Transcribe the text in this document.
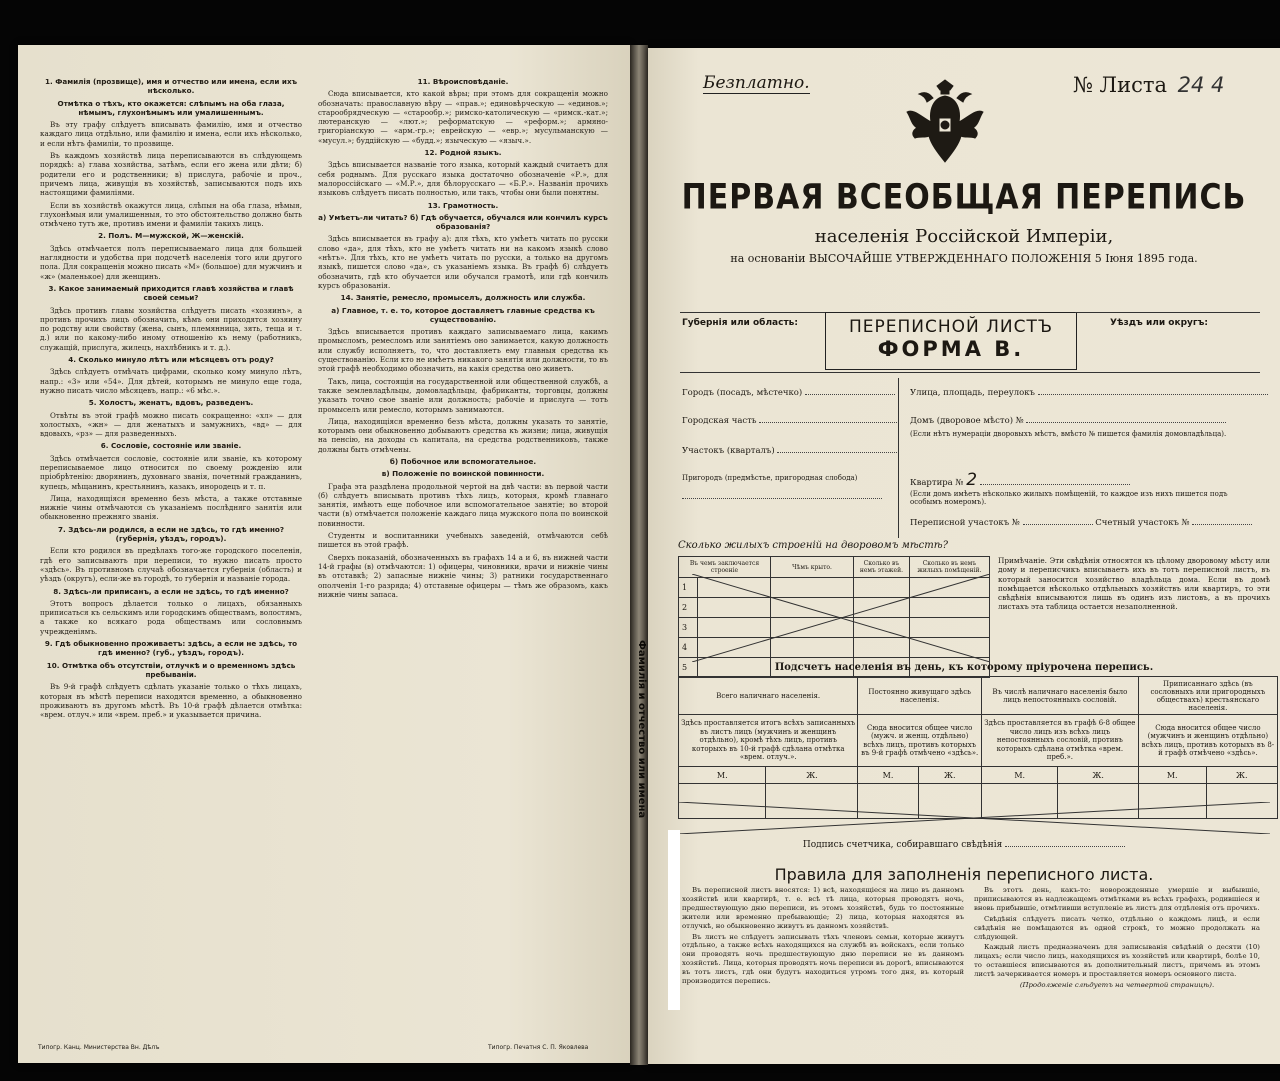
1. Фамилія (прозвище), имя и отчество или имена, если ихъ нѣсколько.

Отмѣтка о тѣхъ, кто окажется: слѣпымъ на оба глаза, нѣмымъ, глухонѣмымъ или умалишеннымъ.

Въ эту графу слѣдуетъ вписывать фамилію, имя и отчество каждаго лица отдѣльно, или фамилію и имена, если ихъ нѣсколько, и если нѣтъ фамиліи, то прозвище.

Въ каждомъ хозяйствѣ лица переписываются въ слѣдующемъ порядкѣ: а) глава хозяйства, затѣмъ, если его жена или дѣти; б) родители его и родственники; в) прислуга, рабочіе и проч., причемъ лица, живущія въ хозяйствѣ, записываются подъ ихъ настоящими фамиліями.

Если въ хозяйствѣ окажутся лица, слѣпыя на оба глаза, нѣмыя, глухонѣмыя или умалишенныя, то это обстоятельство должно быть отмѣчено тутъ же, противъ имени и фамиліи такихъ лицъ.

2. Полъ. М—мужской, Ж—женскій.

Здѣсь отмѣчается полъ переписываемаго лица для большей наглядности и удобства при подсчетѣ населенія того или другого пола. Для сокращенія можно писать «М» (большое) для мужчинъ и «ж» (маленькое) для женщинъ.

3. Какое занимаемый приходится главѣ хозяйства и главѣ своей семьи?

Здѣсь противъ главы хозяйства слѣдуетъ писать «хозяинъ», а противъ прочихъ лицъ обозначить, кѣмъ они приходятся хозяину по родству или свойству (жена, сынъ, племянница, зять, теща и т. д.) или по какому-либо иному отношенію къ нему (работникъ, служащій, прислуга, жилецъ, нахлѣбникъ и т. д.).

4. Сколько минуло лѣтъ или мѣсяцевъ отъ роду?

Здѣсь слѣдуетъ отмѣчать цифрами, сколько кому минуло лѣтъ, напр.: «3» или «54». Для дѣтей, которымъ не минуло еще года, нужно писать число мѣсяцевъ, напр.: «6 мѣс.».

5. Холостъ, женатъ, вдовъ, разведенъ.

Отвѣты въ этой графѣ можно писать сокращенно: «хл» — для холостыхъ, «жн» — для женатыхъ и замужнихъ, «вд» — для вдовыхъ, «рз» — для разведенныхъ.

6. Сословіе, состояніе или званіе.

Здѣсь отмѣчается сословіе, состояніе или званіе, къ которому переписываемое лицо относится по своему рожденію или пріобрѣтенію: дворянинъ, духовнаго званія, почетный гражданинъ, купецъ, мѣщанинъ, крестьянинъ, казакъ, инородецъ и т. п.

Лица, находящіяся временно безъ мѣста, а также отставные нижніе чины отмѣчаются съ указаніемъ послѣдняго занятія или обыкновенно прежняго званія.

7. Здѣсь-ли родился, а если не здѣсь, то гдѣ именно? (губернія, уѣздъ, городъ).

Если кто родился въ предѣлахъ того-же городского поселенія, гдѣ его записываютъ при переписи, то нужно писать просто «здѣсь». Въ противномъ случаѣ обозначается губернія (область) и уѣздъ (округъ), если-же въ городѣ, то губернія и названіе города.

8. Здѣсь-ли приписанъ, а если не здѣсь, то гдѣ именно?

Этотъ вопросъ дѣлается только о лицахъ, обязанныхъ приписаться къ сельскимъ или городскимъ обществамъ, волостямъ, а также ко всякаго рода обществамъ или сословнымъ учрежденіямъ.

9. Гдѣ обыкновенно проживаетъ: здѣсь, а если не здѣсь, то гдѣ именно? (губ., уѣздъ, городъ).

10. Отмѣтка объ отсутствіи, отлучкѣ и о временномъ здѣсь пребываніи.

Въ 9-й графѣ слѣдуетъ сдѣлать указаніе только о тѣхъ лицахъ, которыя въ мѣстѣ переписи находятся временно, а обыкновенно проживаютъ въ другомъ мѣстѣ. Въ 10-й графѣ дѣлается отмѣтка: «врем. отлуч.» или «врем. преб.» и указывается причина.

11. Вѣроисповѣданіе.

Сюда вписывается, кто какой вѣры; при этомъ для сокращенія можно обозначать: православную вѣру — «прав.»; единовѣрческую — «единов.»; старообрядческую — «старообр.»; римско-католическую — «римск.-кат.»; лютеранскую — «лют.»; реформатскую — «реформ.»; армяно-григоріанскую — «арм.-гр.»; еврейскую — «евр.»; мусульманскую — «мусул.»; буддійскую — «будд.»; языческую — «языч.».

12. Родной языкъ.

Здѣсь вписывается названіе того языка, который каждый считаетъ для себя роднымъ. Для русскаго языка достаточно обозначеніе «Р.», для малороссійскаго — «М.Р.», для бѣлорусскаго — «Б.Р.». Названія прочихъ языковъ слѣдуетъ писать полностью, или такъ, чтобы они были понятны.

13. Грамотность.

а) Умѣетъ-ли читать? б) Гдѣ обучается, обучался или кончилъ курсъ образованія?

Здѣсь вписывается въ графу а): для тѣхъ, кто умѣетъ читать по русски слово «да», для тѣхъ, кто не умѣетъ читать ни на какомъ языкѣ слово «нѣтъ». Для тѣхъ, кто не умѣетъ читать по русски, а только на другомъ языкѣ, пишется слово «да», съ указаніемъ языка. Въ графѣ б) слѣдуетъ обозначить, гдѣ кто обучается или обучался грамотѣ, или гдѣ кончилъ курсъ образованія.

14. Занятіе, ремесло, промыселъ, должность или служба.

а) Главное, т. е. то, которое доставляетъ главные средства къ существованію.

Здѣсь вписывается противъ каждаго записываемаго лица, какимъ промысломъ, ремесломъ или занятіемъ оно занимается, какую должность или службу исполняетъ, то, что доставляетъ ему главныя средства къ существованію. Если кто не имѣетъ никакого занятія или должности, то въ этой графѣ необходимо обозначить, на какія средства оно живетъ.

Такъ, лица, состоящія на государственной или общественной службѣ, а также землевладѣльцы, домовладѣльцы, фабриканты, торговцы, должны указать точно свое званіе или должность; рабочіе и прислуга — тотъ промыселъ или ремесло, которымъ занимаются.

Лица, находящіяся временно безъ мѣста, должны указать то занятіе, которымъ они обыкновенно добываютъ средства къ жизни; лица, живущія на пенсію, на доходы съ капитала, на средства родственниковъ, также должны быть отмѣчены.

б) Побочное или вспомогательное.

в) Положеніе по воинской повинности.

Графа эта раздѣлена продольной чертой на двѣ части: въ первой части (б) слѣдуетъ вписывать противъ тѣхъ лицъ, которыя, кромѣ главнаго занятія, имѣютъ еще побочное или вспомогательное занятіе; во второй части (в) отмѣчается положеніе каждаго лица мужского пола по воинской повинности.

Студенты и воспитанники учебныхъ заведеній, отмѣчаются себѣ пишется въ этой графѣ.

Сверхъ показаній, обозначенныхъ въ графахъ 14 а и 6, въ нижней части 14-й графы (в) отмѣчаются: 1) офицеры, чиновники, врачи и нижніе чины въ отставкѣ; 2) запасные нижніе чины; 3) ратники государственнаго ополченія 1-го разряда; 4) отставные офицеры — тѣмъ же образомъ, какъ нижніе чины запаса.

Типогр. Канц. Министерства Вн. Дѣлъ	Типогр. Печатня С. П. Яковлева
Фамилія и отчество или имена
Безплатно.	№ Листа 24 4
ПЕРВАЯ ВСЕОБЩАЯ ПЕРЕПИСЬ
населенія Россійской Имперіи,
на основаніи ВЫСОЧАЙШЕ УТВЕРЖДЕННАГО ПОЛОЖЕНІЯ 5 Іюня 1895 года.
Губернія или область:	Уѣздъ или округъ:
ПЕРЕПИСНОЙ ЛИСТЪ
ФОРМА В.
Городъ (посадъ, мѣстечко)
Городская часть
Участокъ (кварталъ)
Пригородъ (предмѣстье, пригородная слобода)
Улица, площадь, переулокъ
Домъ (дворовое мѣсто) №
(Если нѣтъ нумераціи дворовыхъ мѣстъ, вмѣсто № пишется фамилія домовладѣльца).
Квартира № 2
(Если домъ имѣетъ нѣсколько жилыхъ помѣщеній, то каждое изъ нихъ пишется подъ особымъ номеромъ).
Переписной участокъ №	Счетный участокъ №
Сколько жилыхъ строеній на дворовомъ мѣстѣ?
Въ чемъ заключается строеніе		Чѣмъ крыто.	Сколько въ немъ этажей.	Сколько въ немъ жилыхъ помѣщеній.
1				
2				
3				
4				
5				
Примѣчаніе. Эти свѣдѣнія относятся къ цѣлому дворовому мѣсту или дому и переписчикъ вписываетъ ихъ въ тотъ переписной листъ, въ который заносится хозяйство владѣльца дома. Если въ домѣ помѣщается нѣсколько отдѣльныхъ хозяйствъ или квартиръ, то эти свѣдѣнія вписываются лишь въ одинъ изъ листовъ, а въ прочихъ листахъ эта таблица остается незаполненной.
Подсчетъ населенія въ день, къ которому пріурочена перепись.
Всего наличнаго населенія.		Постоянно живущаго здѣсь населенія.		Въ числѣ наличнаго населенія было лицъ непостоянныхъ сословій.		Приписаннаго здѣсь (въ сословныхъ или пригородныхъ обществахъ) крестьянскаго населенія.	
Здѣсь проставляется итогъ всѣхъ записанныхъ въ листъ лицъ (мужчинъ и женщинъ отдѣльно), кромѣ тѣхъ лицъ, противъ которыхъ въ 10-й графѣ сдѣлана отмѣтка «врем. отлуч.».		Сюда вносится общее число (мужч. и женщ. отдѣльно) всѣхъ лицъ, противъ которыхъ въ 9-й графѣ отмѣчено «здѣсь».		Здѣсь проставляется въ графѣ 6-8 общее число лицъ изъ всѣхъ лицъ непостоянныхъ сословій, противъ которыхъ сдѣлана отмѣтка «врем. преб.».		Сюда вносится общее число (мужчинъ и женщинъ отдѣльно) всѣхъ лицъ, противъ которыхъ въ 8-й графѣ отмѣчено «здѣсь».	
М.	Ж.	М.	Ж.	М.	Ж.	М.	Ж.

Подпись счетчика, собиравшаго свѣдѣнія
Правила для заполненія переписного листа.

Въ переписной листъ вносятся: 1) всѣ, находящіеся на лицо въ данномъ хозяйствѣ или квартирѣ, т. е. всѣ тѣ лица, которыя проводятъ ночь, предшествующую дню переписи, въ этомъ хозяйствѣ, будь то постоянные жители или временно пребывающіе; 2) лица, которыя находятся въ отлучкѣ, но обыкновенно живутъ въ данномъ хозяйствѣ.

Въ листъ не слѣдуетъ записывать тѣхъ членовъ семьи, которые живутъ отдѣльно, а также всѣхъ находящихся на службѣ въ войскахъ, если только они проводятъ ночь предшествующую дню переписи не въ данномъ хозяйствѣ. Лица, которыя проводятъ ночь переписи въ дорогѣ, вписываются въ тотъ листъ, гдѣ они будутъ находиться утромъ того дня, въ который производится перепись.

Въ этотъ день, какъ-то: новорожденные умершіе и выбывшіе, приписываются въ надлежащемъ отмѣтками въ всѣхъ графахъ, родившіеся и вновь прибывшіе, отмѣтивши вступленіе въ листъ для отдѣленія отъ прочихъ.

Свѣдѣнія слѣдуетъ писать четко, отдѣльно о каждомъ лицѣ, и если свѣдѣнія не помѣщаются въ одной строкѣ, то можно продолжать на слѣдующей.

Каждый листъ предназначенъ для записыванія свѣдѣній о десяти (10) лицахъ; если число лицъ, находящихся въ хозяйствѣ или квартирѣ, болѣе 10, то оставшіеся вписываются въ дополнительный листъ, причемъ въ этомъ листѣ зачеркивается номеръ и проставляется номеръ основного листа.

(Продолженіе слѣдуетъ на четвертой страницѣ).
